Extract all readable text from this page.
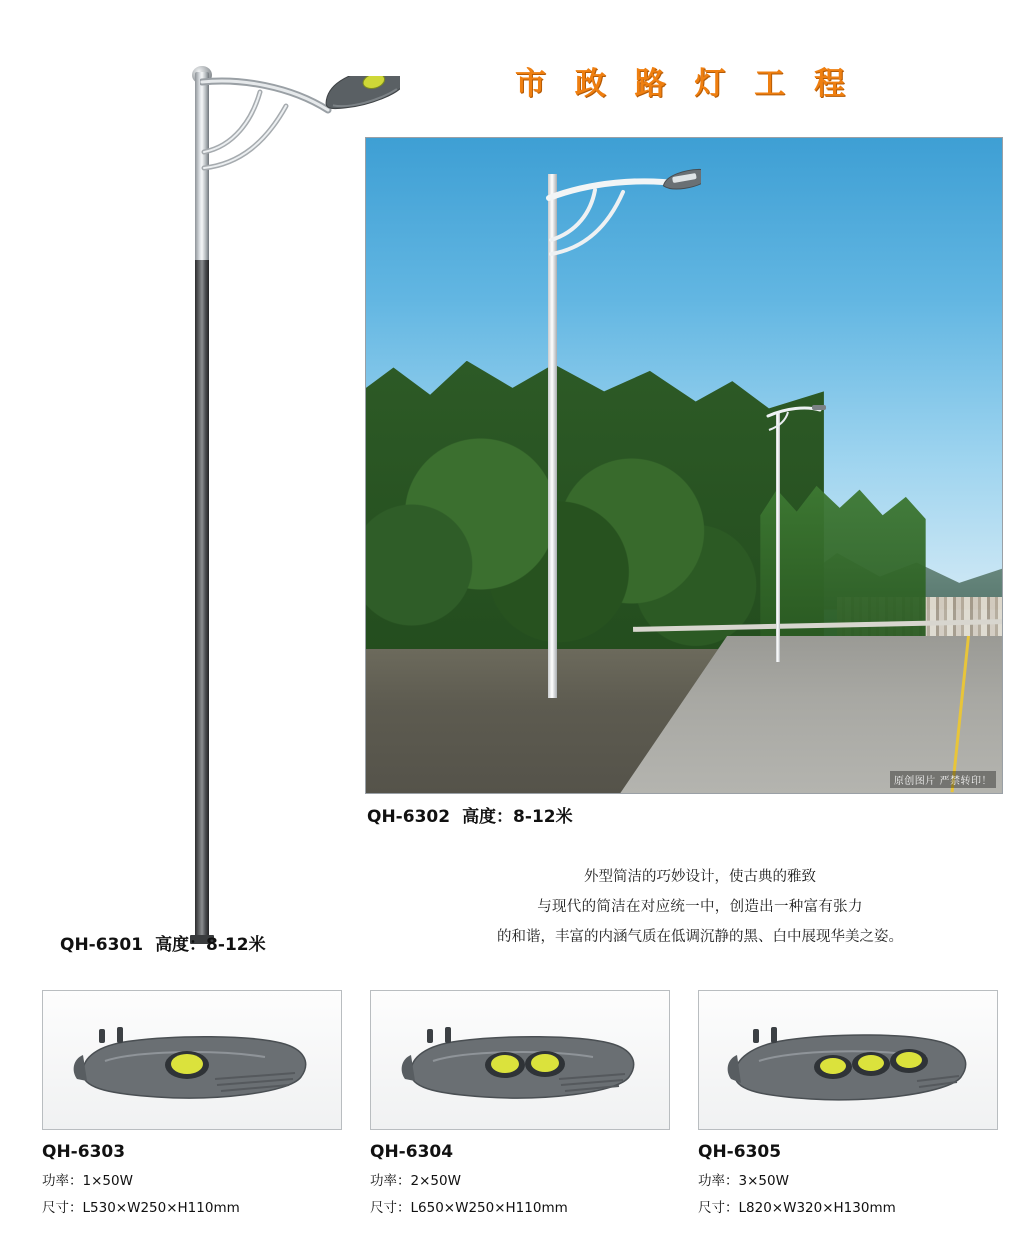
市 政 路 灯 工 程
QH-6301 高度：8-12米
原创图片 严禁转印！
QH-6302 高度：8-12米
外型简洁的巧妙设计，使古典的雅致
与现代的简洁在对应统一中，创造出一种富有张力
的和谐，丰富的内涵气质在低调沉静的黑、白中展现华美之姿。
QH-6303
功率：1×50W
尺寸：L530×W250×H110mm
QH-6304
功率：2×50W
尺寸：L650×W250×H110mm
QH-6305
功率：3×50W
尺寸：L820×W320×H130mm
